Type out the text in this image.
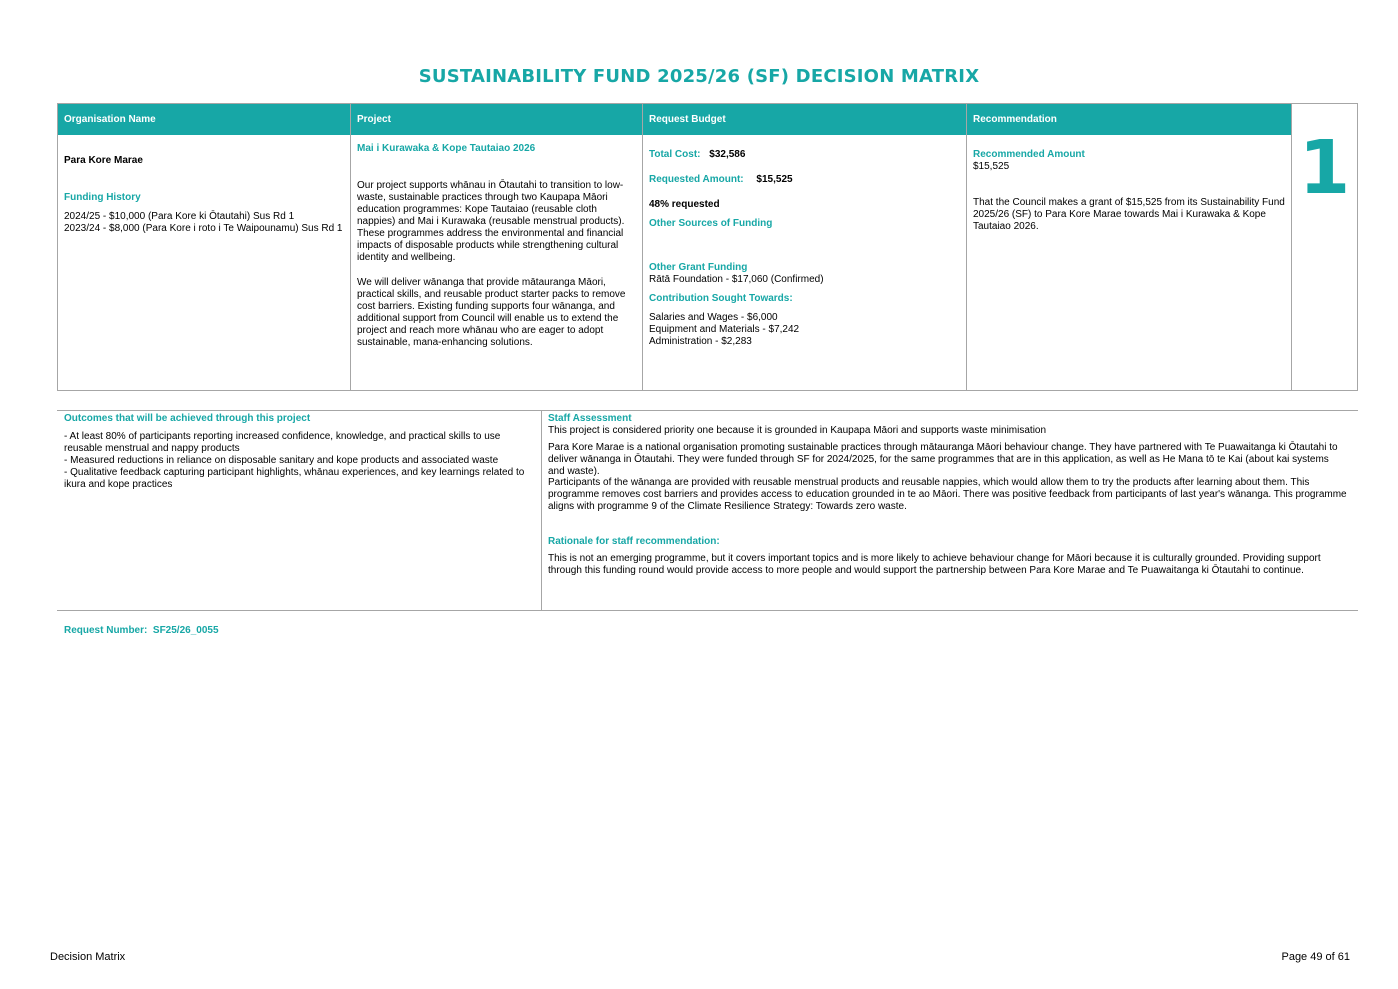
SUSTAINABILITY FUND 2025/26 (SF) DECISION MATRIX
Organisation Name
Para Kore Marae
Funding History
2024/25 - $10,000 (Para Kore ki Ōtautahi) Sus Rd 1
2023/24 - $8,000 (Para Kore i roto i Te Waipounamu) Sus Rd 1
Project
Mai i Kurawaka & Kope Tautaiao 2026
Our project supports whānau in Ōtautahi to transition to low-waste, sustainable practices through two Kaupapa Māori education programmes: Kope Tautaiao (reusable cloth nappies) and Mai i Kurawaka (reusable menstrual products). These programmes address the environmental and financial impacts of disposable products while strengthening cultural identity and wellbeing.
We will deliver wānanga that provide mātauranga Māori, practical skills, and reusable product starter packs to remove cost barriers. Existing funding supports four wānanga, and additional support from Council will enable us to extend the project and reach more whānau who are eager to adopt sustainable, mana-enhancing solutions.
Request Budget
Total Cost: $32,586
Requested Amount: $15,525
48% requested
Other Sources of Funding
Other Grant Funding
Rātā Foundation - $17,060 (Confirmed)
Contribution Sought Towards:
Salaries and Wages - $6,000
Equipment and Materials - $7,242
Administration - $2,283
Recommendation
Recommended Amount
$15,525
That the Council makes a grant of $15,525 from its Sustainability Fund 2025/26 (SF) to Para Kore Marae towards Mai i Kurawaka & Kope Tautaiao 2026.
1
Outcomes that will be achieved through this project
- At least 80% of participants reporting increased confidence, knowledge, and practical skills to use reusable menstrual and nappy products
- Measured reductions in reliance on disposable sanitary and kope products and associated waste
- Qualitative feedback capturing participant highlights, whānau experiences, and key learnings related to ikura and kope practices
Staff Assessment
This project is considered priority one because it is grounded in Kaupapa Māori and supports waste minimisation
Para Kore Marae is a national organisation promoting sustainable practices through mātauranga Māori behaviour change. They have partnered with Te Puawaitanga ki Ōtautahi to deliver wānanga in Ōtautahi. They were funded through SF for 2024/2025, for the same programmes that are in this application, as well as He Mana tō te Kai (about kai systems and waste).
Participants of the wānanga are provided with reusable menstrual products and reusable nappies, which would allow them to try the products after learning about them. This programme removes cost barriers and provides access to education grounded in te ao Māori. There was positive feedback from participants of last year's wānanga. This programme aligns with programme 9 of the Climate Resilience Strategy: Towards zero waste.
Rationale for staff recommendation:
This is not an emerging programme, but it covers important topics and is more likely to achieve behaviour change for Māori because it is culturally grounded. Providing support through this funding round would provide access to more people and would support the partnership between Para Kore Marae and Te Puawaitanga ki Ōtautahi to continue.
Request Number:  SF25/26_0055
Decision Matrix	Page 49 of 61
